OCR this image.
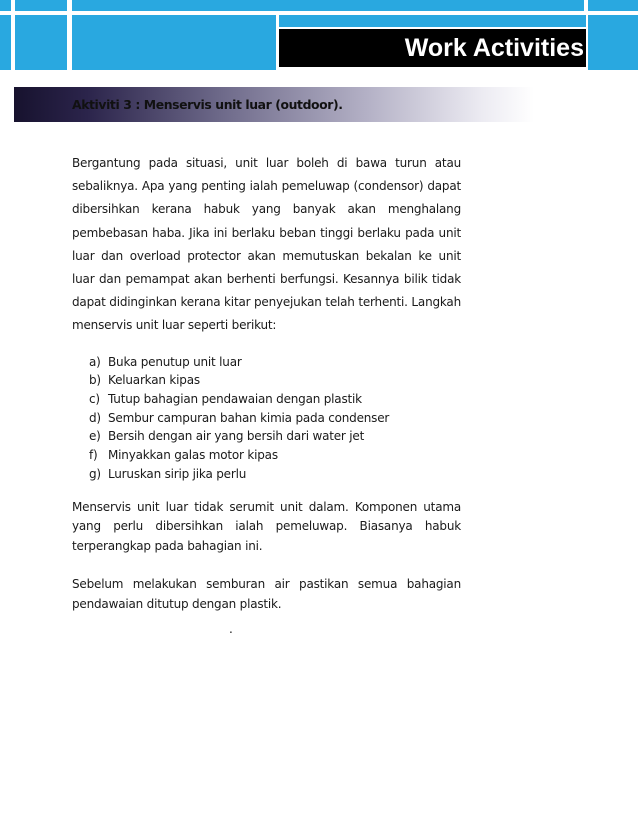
Work Activities
Aktiviti 3 : Menservis unit luar (outdoor).

Bergantung pada situasi, unit luar boleh di bawa turun atau sebaliknya. Apa yang penting ialah pemeluwap (condensor) dapat dibersihkan kerana habuk yang banyak akan menghalang pembebasan haba. Jika ini berlaku beban tinggi berlaku pada unit luar dan overload protector akan memutuskan bekalan ke unit luar dan pemampat akan berhenti berfungsi. Kesannya bilik tidak dapat didinginkan kerana kitar penyejukan telah terhenti. Langkah menservis unit luar seperti berikut:

a) Buka penutup unit luar
b) Keluarkan kipas
c) Tutup bahagian pendawaian dengan plastik
d) Sembur campuran bahan kimia pada condenser
e) Bersih dengan air yang bersih dari water jet
f) Minyakkan galas motor kipas
g) Luruskan sirip jika perlu

Menservis unit luar tidak serumit unit dalam. Komponen utama yang perlu dibersihkan ialah pemeluwap. Biasanya habuk terperangkap pada bahagian ini.

Sebelum melakukan semburan air pastikan semua bahagian pendawaian ditutup dengan plastik.

.
